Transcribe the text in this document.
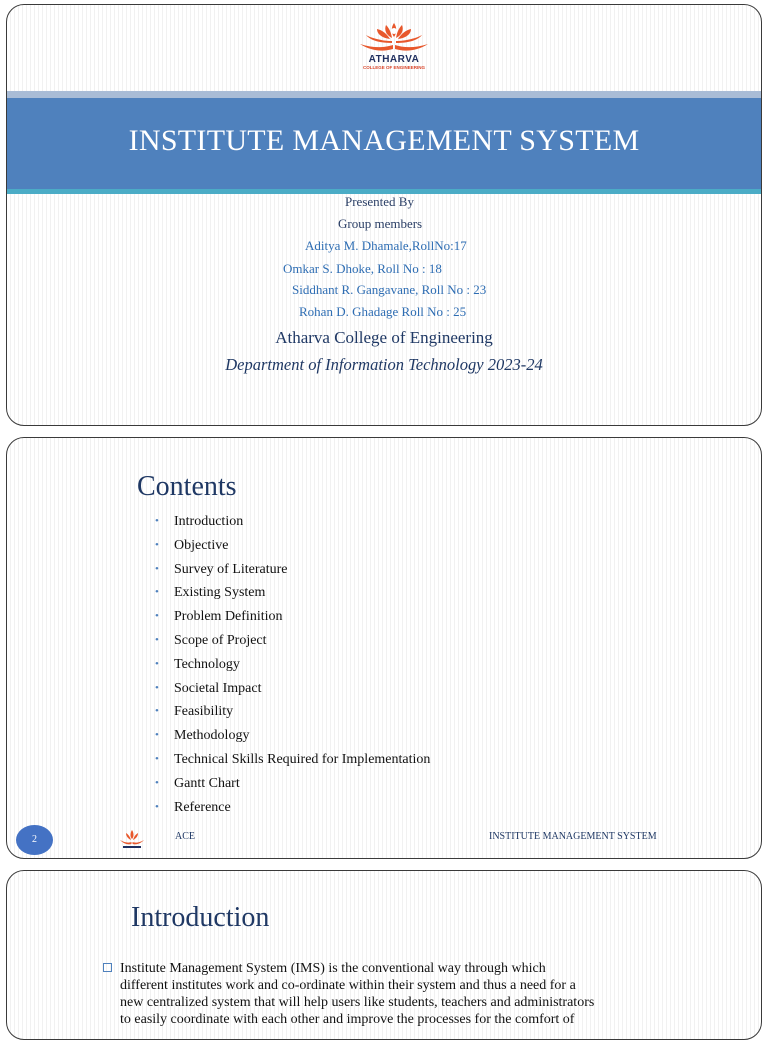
ATHARVA
COLLEGE OF ENGINEERING
INSTITUTE MANAGEMENT SYSTEM
Presented By
Group members
Aditya M. Dhamale,RollNo:17
Omkar S. Dhoke, Roll No : 18
Siddhant R. Gangavane, Roll No : 23
Rohan D. Ghadage Roll No : 25
Atharva College of Engineering
Department of Information Technology 2023-24
Contents
• Introduction
• Objective
• Survey of Literature
• Existing System
• Problem Definition
• Scope of Project
• Technology
• Societal Impact
• Feasibility
• Methodology
• Technical Skills Required for Implementation
• Gantt Chart
• Reference
2	ACE	INSTITUTE MANAGEMENT SYSTEM
Introduction
Institute Management System (IMS) is the conventional way through which
different institutes work and co-ordinate within their system and thus a need for a
new centralized system that will help users like students, teachers and administrators
to easily coordinate with each other and improve the processes for the comfort of
